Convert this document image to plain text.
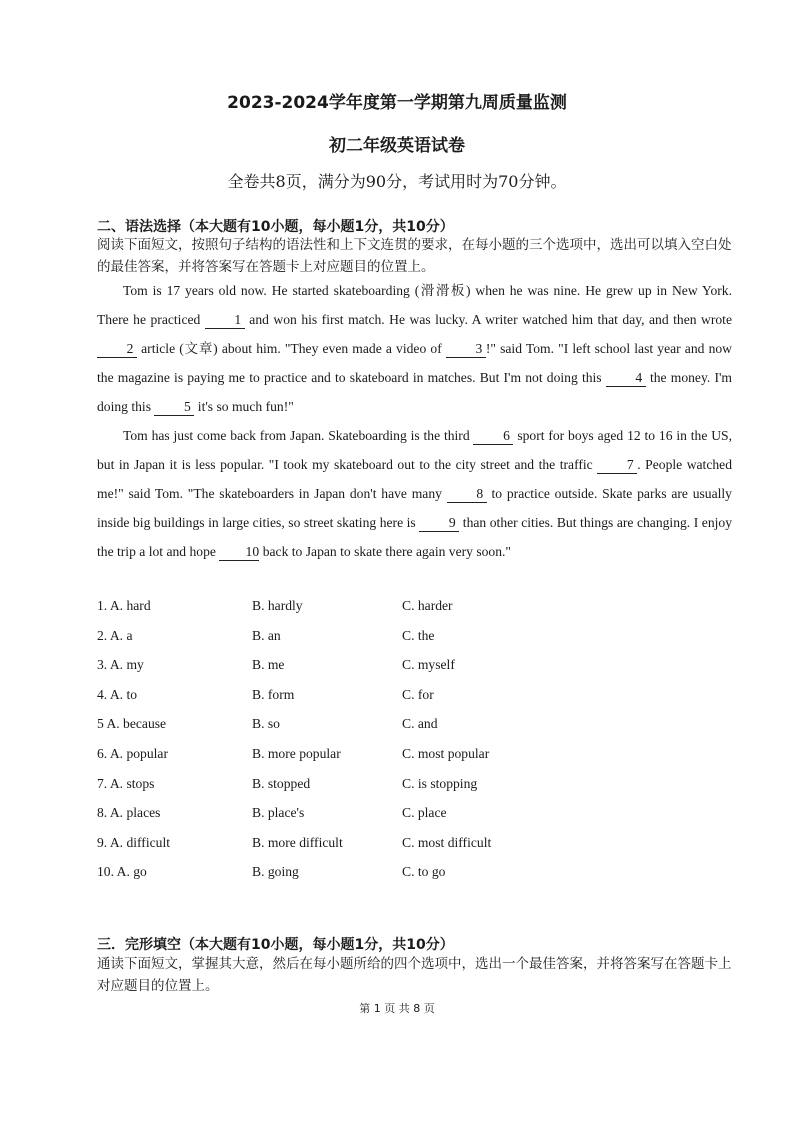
2023-2024学年度第一学期第九周质量监测
初二年级英语试卷
全卷共8页，满分为90分，考试用时为70分钟。
二、语法选择（本大题有10小题，每小题1分，共10分）
阅读下面短文，按照句子结构的语法性和上下文连贯的要求，在每小题的三个选项中，选出可以填入空白处的最佳答案，并将答案写在答题卡上对应题目的位置上。

Tom is 17 years old now. He started skateboarding (滑滑板) when he was nine. He grew up in New York. There he practiced 1 and won his first match. He was lucky. A writer watched him that day, and then wrote 2 article (文章) about him. "They even made a video of 3 !" said Tom. "I left school last year and now the magazine is paying me to practice and to skateboard in matches. But I'm not doing this 4 the money. I'm doing this 5 it's so much fun!"

Tom has just come back from Japan. Skateboarding is the third 6 sport for boys aged 12 to 16 in the US, but in Japan it is less popular. "I took my skateboard out to the city street and the traffic 7 . People watched me!" said Tom. "The skateboarders in Japan don't have many 8 to practice outside. Skate parks are usually inside big buildings in large cities, so street skating here is 9 than other cities. But things are changing. I enjoy the trip a lot and hope 10 back to Japan to skate there again very soon."

1. A. hard	B. hardly	C. harder
2. A. a	B. an	C. the
3. A. my	B. me	C. myself
4. A. to	B. form	C. for
5 A. because	B. so	C. and
6. A. popular	B. more popular	C. most popular
7. A. stops	B. stopped	C. is stopping
8. A. places	B. place's	C. place
9. A. difficult	B. more difficult	C. most difficult
10. A. go	B. going	C. to go
三．完形填空（本大题有10小题，每小题1分，共10分）
通读下面短文，掌握其大意，然后在每小题所给的四个选项中，选出一个最佳答案，并将答案写在答题卡上对应题目的位置上。
第 1 页 共 8 页
